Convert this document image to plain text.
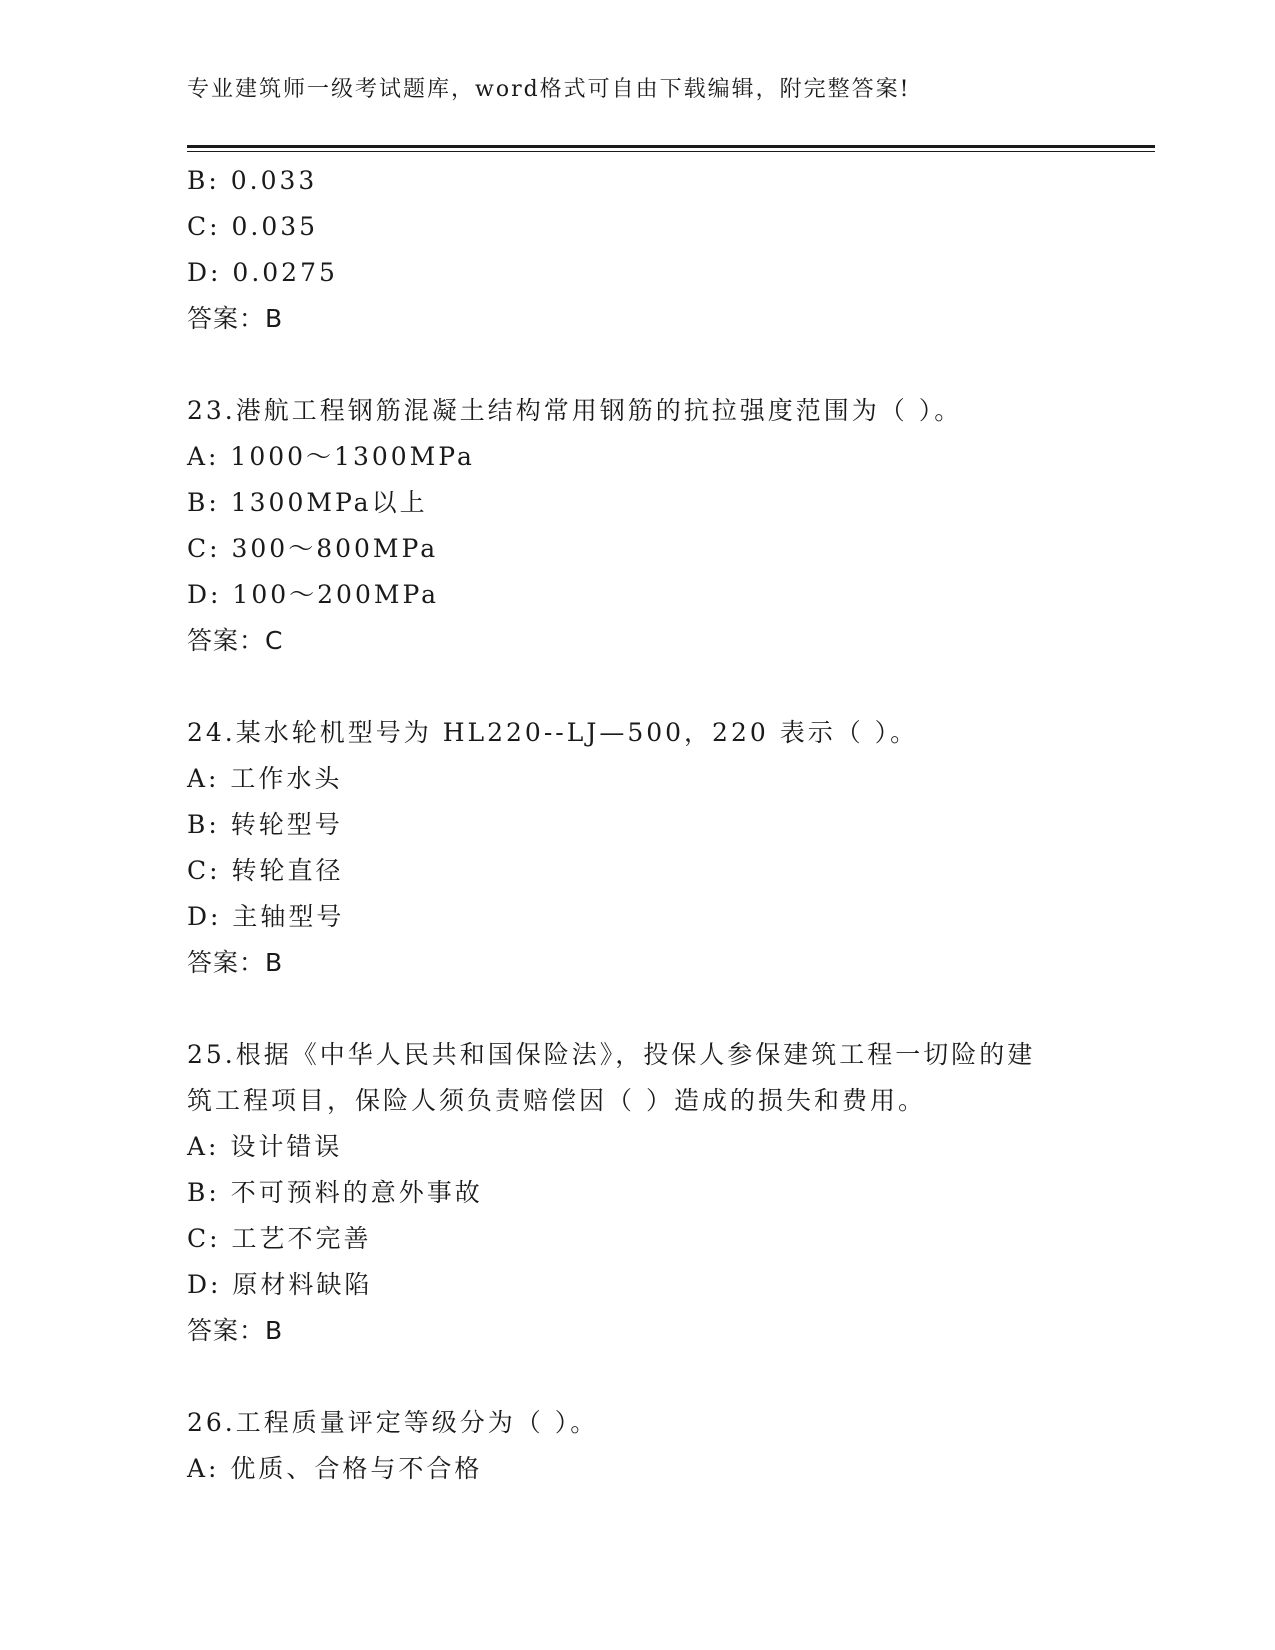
专业建筑师一级考试题库，word格式可自由下载编辑，附完整答案!
B: 0.033
C: 0.035
D: 0.0275
答案：B
23.港航工程钢筋混凝土结构常用钢筋的抗拉强度范围为（ ）。
A: 1000～1300MPa
B: 1300MPa以上
C: 300～800MPa
D: 100～200MPa
答案：C
24.某水轮机型号为 HL220--LJ—500，220 表示（ ）。
A: 工作水头
B: 转轮型号
C: 转轮直径
D: 主轴型号
答案：B
25.根据《中华人民共和国保险法》，投保人参保建筑工程一切险的建
筑工程项目，保险人须负责赔偿因（ ）造成的损失和费用。
A: 设计错误
B: 不可预料的意外事故
C: 工艺不完善
D: 原材料缺陷
答案：B
26.工程质量评定等级分为（ ）。
A: 优质、合格与不合格
